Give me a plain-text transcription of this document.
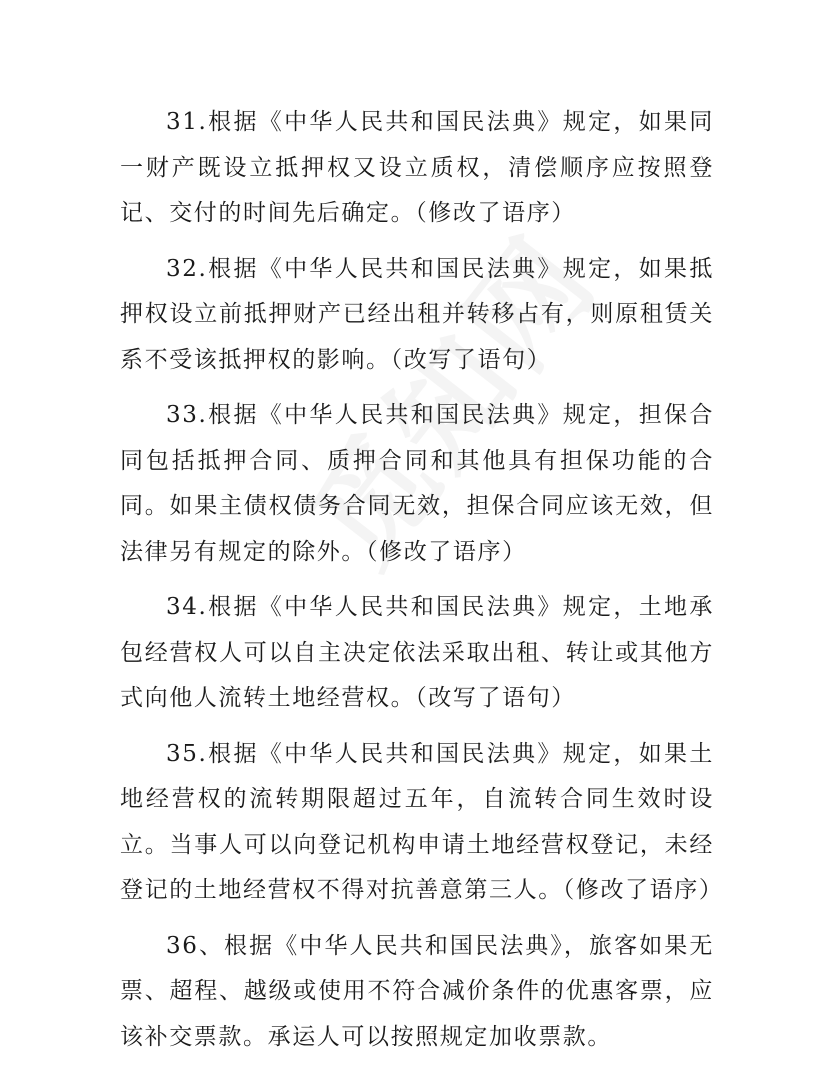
31.根据《中华人民共和国民法典》规定，如果同一财产既设立抵押权又设立质权，清偿顺序应按照登记、交付的时间先后确定。（修改了语序）

32.根据《中华人民共和国民法典》规定，如果抵押权设立前抵押财产已经出租并转移占有，则原租赁关系不受该抵押权的影响。（改写了语句）

33.根据《中华人民共和国民法典》规定，担保合同包括抵押合同、质押合同和其他具有担保功能的合同。如果主债权债务合同无效，担保合同应该无效，但法律另有规定的除外。（修改了语序）

34.根据《中华人民共和国民法典》规定，土地承包经营权人可以自主决定依法采取出租、转让或其他方式向他人流转土地经营权。（改写了语句）

35.根据《中华人民共和国民法典》规定，如果土地经营权的流转期限超过五年，自流转合同生效时设立。当事人可以向登记机构申请土地经营权登记，未经登记的土地经营权不得对抗善意第三人。（修改了语序）

36、根据《中华人民共和国民法典》，旅客如果无票、超程、越级或使用不符合减价条件的优惠客票，应该补交票款。承运人可以按照规定加收票款。
